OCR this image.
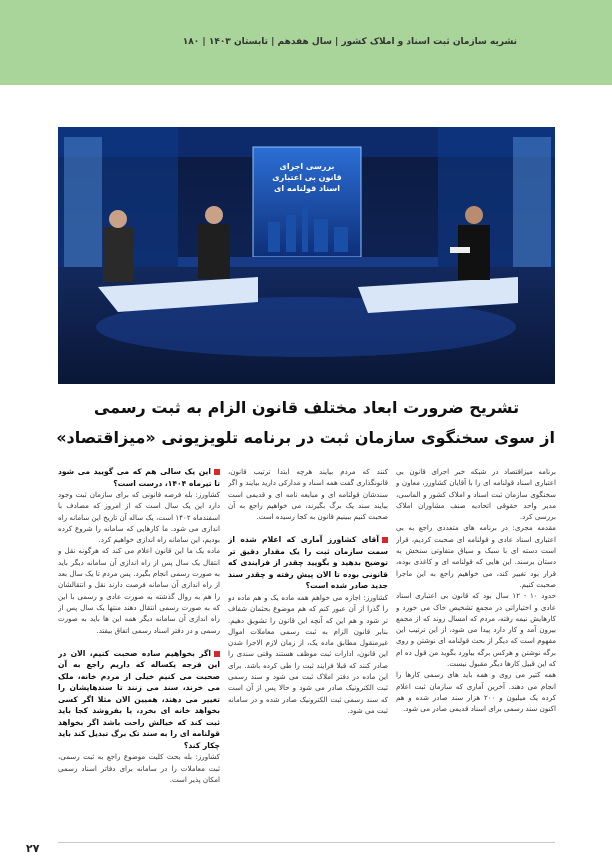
نشریه سازمان ثبت اسناد و املاک کشور | سال هفدهم | تابستان ۱۴۰۳ | ۱۸۰
بررسی اجرای
قانون بی اعتباری
اسناد قولنامه ای
تشریح ضرورت ابعاد مختلف قانون الزام به ثبت رسمی
از سوی سخنگوی سازمان ثبت در برنامه تلویزیونی «میزاقتصاد»

برنامه میزاقتصاد در شبکه خبر اجرای قانون بی اعتباری اسناد قولنامه ای را با آقایان کشاورز، معاون و سخنگوی سازمان ثبت اسناد و املاک کشور و الماسی، مدیر واحد حقوقی اتحادیه صنف مشاوران املاک بررسی کرد.

مقدمه مجری: در برنامه های متعددی راجع به بی اعتباری اسناد عادی و قولنامه ای صحبت کردیم، قرار است دسته ای با سبک و سیاق متفاوتی سنخش به دستان برسند. این هایی که قولنامه ای و کاغذی بوده، قرار بود تغییر کند، می خواهیم راجع به این ماجرا صحبت کنیم.

حدود ۱۰ - ۱۲ سال بود که قانون بی اعتباری اسناد عادی و اختیاراتی در مجمع تشخیص خاک می خورد و کارهایش نیمه رفته، مردم که امسال روند که از مجمع بیرون آمد و کار دارد پیدا می شود، از این ترتیب این مفهوم است که دیگر از بحث قولنامه ای نوشتن و روی برگه نوشتن و هرکس برگه بیاورد بگوید من قول ده ام که این قبیل کارها دیگر مقبول نیست.

همه کتیر می روی و همه باید های رسمی کارها را انجام می دهند. آخرین آماری که سازمان ثبت اعلام کرده یک میلیون و ۲۰۰ هزار سند صادر شده و هم اکنون سند رسمی برای اسناد قدیمی صادر می شود.

کنند که مردم بیایند هرچه ابتدا ترتیب قانون، قانونگذاری گفت همه اسناد و مدارکی دارید بیایند و اگر سندشان قولنامه ای و مبایعه نامه ای و قدیمی است بیایند سند یک برگ بگیرند، می خواهیم راجع به آن صحبت کنیم ببینیم قانون به کجا رسیده است.

آقای کشاورز آماری که اعلام شده از سمت سازمان ثبت را یک مقدار دقیق تر توضیح بدهید و بگویید چقدر از فرایندی که قانونی بوده تا الان پیش رفته و چقدر سند جدید صادر شده است؟

کشاورز: اجازه می خواهم همه ماده یک و هم ماده دو را گذرا از آن عبور کنم که هم موضوع بحثمان شفاف تر شود و هم این که آنچه این قانون را تشویق دهیم. بنابر قانون الزام به ثبت رسمی معاملات اموال غیرمنقول مطابق ماده یک، از زمان لازم الاجرا شدن این قانون، ادارات ثبت موظف هستند وقتی سندی را صادر کنند که قبلا فرایند ثبت را طی کرده باشد. برای این ماده در دفتر املاک ثبت می شود و سند رسمی ثبت الکترونیک صادر می شود و حالا پس از آن است که سند رسمی ثبت الکترونیک صادر شده و در سامانه ثبت می شود.

این یک سالی هم که می گویید می شود تا تیرماه ۱۴۰۴، درست است؟

کشاورز: بله فرصه قانونی که برای سازمان ثبت وجود دارد این یک سال است که از امروز که مصادف با اسفندماه ۱۴۰۲ است، یک ساله آن تاریخ این سامانه راه اندازی می شود. ما کارهایی که سامانه را شروع کرده بودیم، این سامانه راه اندازی خواهیم کرد.

ماده یک ما این قانون اعلام می کند که هرگونه نقل و انتقال یک سال پس از راه اندازی آن سامانه دیگر باید به صورت رسمی انجام بگیرد. پس مردم تا یک سال بعد از راه اندازی آن سامانه فرصت دارند نقل و انتقالشان را هم به روال گذشته به صورت عادی و رسمی با این که به صورت رسمی انتقال دهند منتها یک سال پس از راه اندازی آن سامانه دیگر همه این ها باید به صورت رسمی و در دفتر اسناد رسمی اتفاق بیفتد.

اگر بخواهیم ساده صحبت کنیم، الان در این فرجه یکساله که داریم راجع به آن صحبت می کنیم خیلی از مردم خانه، ملک می خرند، سند می زنند تا سندهایشان را تغییر می دهند، همیین الان مثلا اگر کسی بخواهد خانه ای بخرد، یا بفروشد کجا باید ثبت کند که خیالش راحت باشد اگر بخواهد قولنامه ای را به سند تک برگ تبدیل کند باید چکار کند؟

کشاورز: بله بحث کلیت موضوع راجع به ثبت رسمی، ثبت معاملات را در سامانه برای دفاتر اسناد رسمی امکان پذیر است.

۲۷
